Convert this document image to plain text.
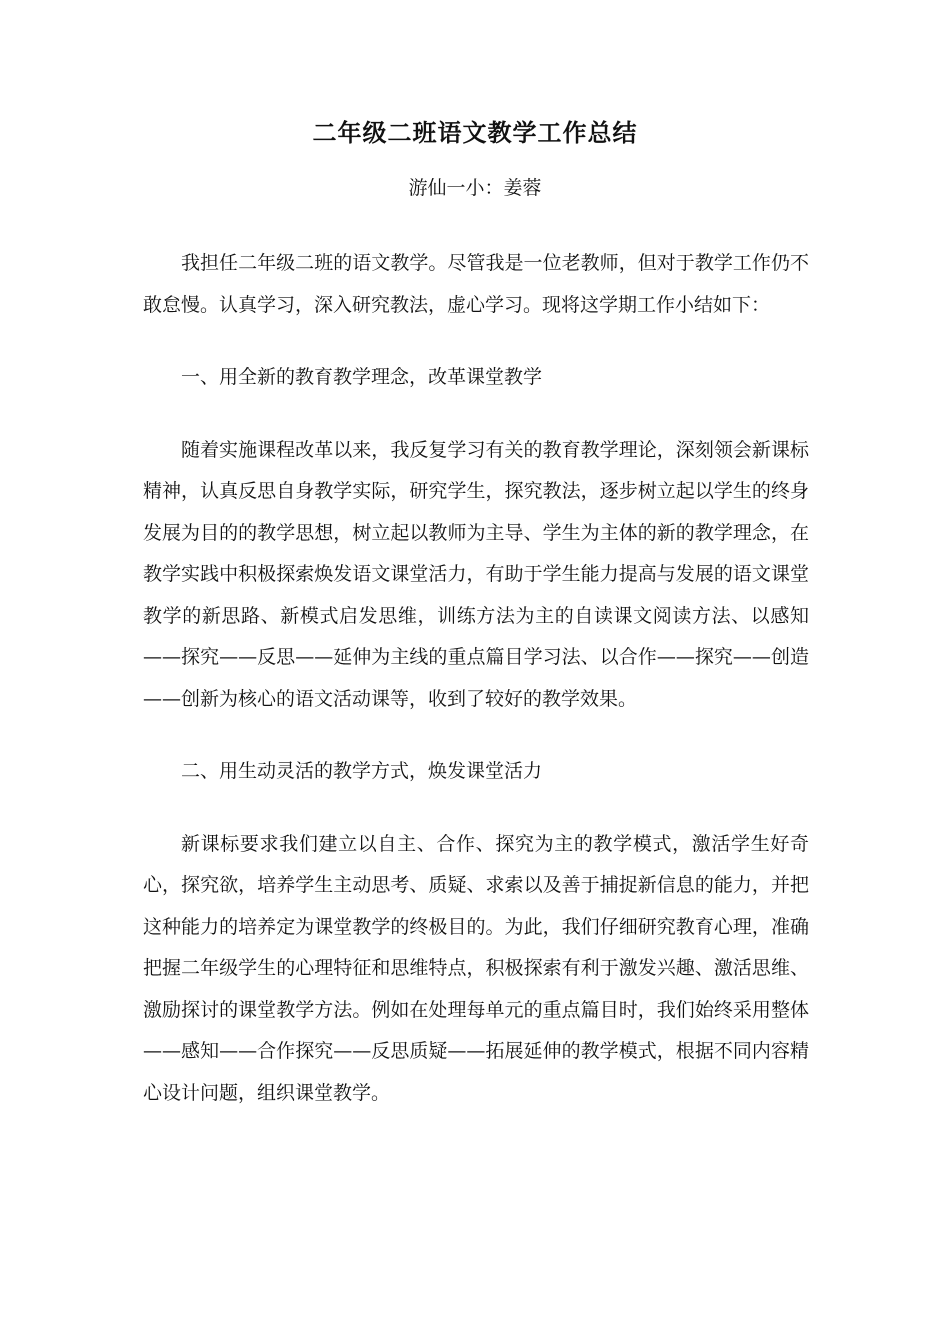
二年级二班语文教学工作总结
游仙一小：姜蓉

我担任二年级二班的语文教学。尽管我是一位老教师，但对于教学工作仍不敢怠慢。认真学习，深入研究教法，虚心学习。现将这学期工作小结如下：

一、用全新的教育教学理念，改革课堂教学

随着实施课程改革以来，我反复学习有关的教育教学理论，深刻领会新课标精神，认真反思自身教学实际，研究学生，探究教法，逐步树立起以学生的终身发展为目的的教学思想，树立起以教师为主导、学生为主体的新的教学理念，在教学实践中积极探索焕发语文课堂活力，有助于学生能力提高与发展的语文课堂教学的新思路、新模式启发思维，训练方法为主的自读课文阅读方法、以感知——探究——反思——延伸为主线的重点篇目学习法、以合作——探究——创造——创新为核心的语文活动课等，收到了较好的教学效果。

二、用生动灵活的教学方式，焕发课堂活力

新课标要求我们建立以自主、合作、探究为主的教学模式，激活学生好奇心，探究欲，培养学生主动思考、质疑、求索以及善于捕捉新信息的能力，并把这种能力的培养定为课堂教学的终极目的。为此，我们仔细研究教育心理，准确把握二年级学生的心理特征和思维特点，积极探索有利于激发兴趣、激活思维、激励探讨的课堂教学方法。例如在处理每单元的重点篇目时，我们始终采用整体 ——感知——合作探究——反思质疑——拓展延伸的教学模式，根据不同内容精心设计问题，组织课堂教学。
